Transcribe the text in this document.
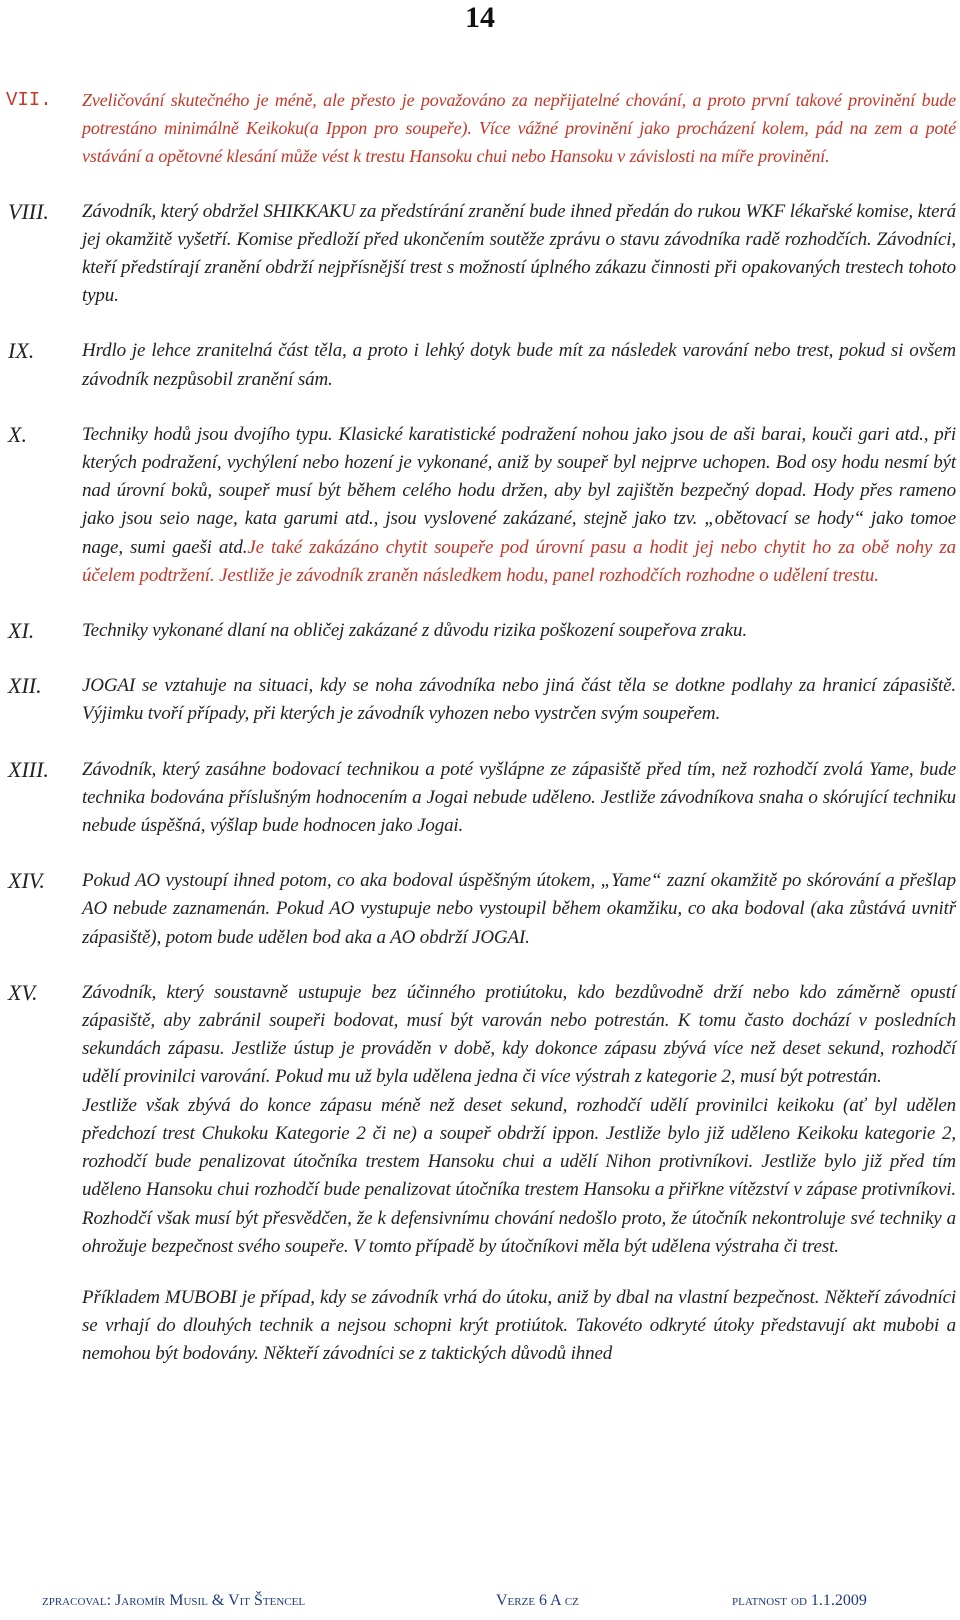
14
VII. Zveličování skutečného je méně, ale přesto je považováno za nepřijatelné chování, a proto první takové provinění bude potrestáno minimálně Keikoku(a Ippon pro soupeře). Více vážné provinění jako procházení kolem, pád na zem a poté vstávání a opětovné klesání může vést k trestu Hansoku chui nebo Hansoku v závislosti na míře provinění.
VIII. Závodník, který obdržel SHIKKAKU za předstírání zranění bude ihned předán do rukou WKF lékařské komise, která jej okamžitě vyšetří. Komise předloží před ukončením soutěže zprávu o stavu závodníka radě rozhodčích. Závodníci, kteří předstírají zranění obdrží nejpřísnější trest s možností úplného zákazu činnosti při opakovaných trestech tohoto typu.
IX.	Hrdlo je lehce zranitelná část těla, a proto i lehký dotyk bude mít za následek varování nebo trest, pokud si ovšem závodník nezpůsobil zranění sám.
X.	Techniky hodů jsou dvojího typu. Klasické karatistické podražení nohou jako jsou de aši barai, kouči gari atd., při kterých podražení, vychýlení nebo hození je vykonané, aniž by soupeř byl nejprve uchopen. Bod osy hodu nesmí být nad úrovní boků, soupeř musí být během celého hodu držen, aby byl zajištěn bezpečný dopad. Hody přes rameno jako jsou seio nage, kata garumi atd., jsou vyslovené zakázané, stejně jako tzv. „obětovací se hody“ jako tomoe nage, sumi gaeši atd.Je také zakázáno chytit soupeře pod úrovní pasu a hodit jej nebo chytit ho za obě nohy za účelem podtržení. Jestliže je závodník zraněn následkem hodu, panel rozhodčích rozhodne o udělení trestu.
XI.	Techniky vykonané dlaní na obličej zakázané z důvodu rizika poškození soupeřova zraku.
XII. JOGAI se vztahuje na situaci, kdy se noha závodníka nebo jiná část těla se dotkne podlahy za hranicí zápasiště. Výjimku tvoří případy, při kterých je závodník vyhozen nebo vystrčen svým soupeřem.
XIII. Závodník, který zasáhne bodovací technikou a poté vyšlápne ze zápasiště před tím, než rozhodčí zvolá Yame, bude technika bodována příslušným hodnocením a Jogai nebude uděleno. Jestliže závodníkova snaha o skórující techniku nebude úspěšná, výšlap bude hodnocen jako Jogai.
XIV. Pokud AO vystoupí ihned potom, co aka bodoval úspěšným útokem, „Yame“ zazní okamžitě po skórování a přešlap AO nebude zaznamenán. Pokud AO vystupuje nebo vystoupil během okamžiku, co aka bodoval (aka zůstává uvnitř zápasiště), potom bude udělen bod aka a AO obdrží JOGAI.
XV. Závodník, který soustavně ustupuje bez účinného protiútoku, kdo bezdůvodně drží nebo kdo záměrně opustí zápasiště, aby zabránil soupeři bodovat, musí být varován nebo potrestán. K tomu často dochází v posledních sekundách zápasu. Jestliže ústup je prováděn v době, kdy dokonce zápasu zbývá více než deset sekund, rozhodčí udělí provinilci varování. Pokud mu už byla udělena jedna či více výstrah z kategorie 2, musí být potrestán.
Jestliže však zbývá do konce zápasu méně než deset sekund, rozhodčí udělí provinilci keikoku (ať byl udělen předchozí trest Chukoku Kategorie 2 či ne) a soupeř obdrží ippon. Jestliže bylo již uděleno Keikoku kategorie 2, rozhodčí bude penalizovat útočníka trestem Hansoku chui a udělí Nihon protivníkovi. Jestliže bylo již před tím uděleno Hansoku chui rozhodčí bude penalizovat útočníka trestem Hansoku a přiřkne vítězství v zápase protivníkovi. Rozhodčí však musí být přesvědčen, že k defensivnímu chování nedošlo proto, že útočník nekontroluje své techniky a ohrožuje bezpečnost svého soupeře. V tomto případě by útočníkovi měla být udělena výstraha či trest.
Příkladem MUBOBI je případ, kdy se závodník vrhá do útoku, aniž by dbal na vlastní bezpečnost. Někteří závodníci se vrhají do dlouhých technik a nejsou schopni krýt protiútok. Takovéto odkryté útoky představují akt mubobi a nemohou být bodovány. Někteří závodníci se z taktických důvodů ihned
zpracoval: Jaromír Musil & Vit Štencel	Verze 6 A cz	platnost od 1.1.2009
